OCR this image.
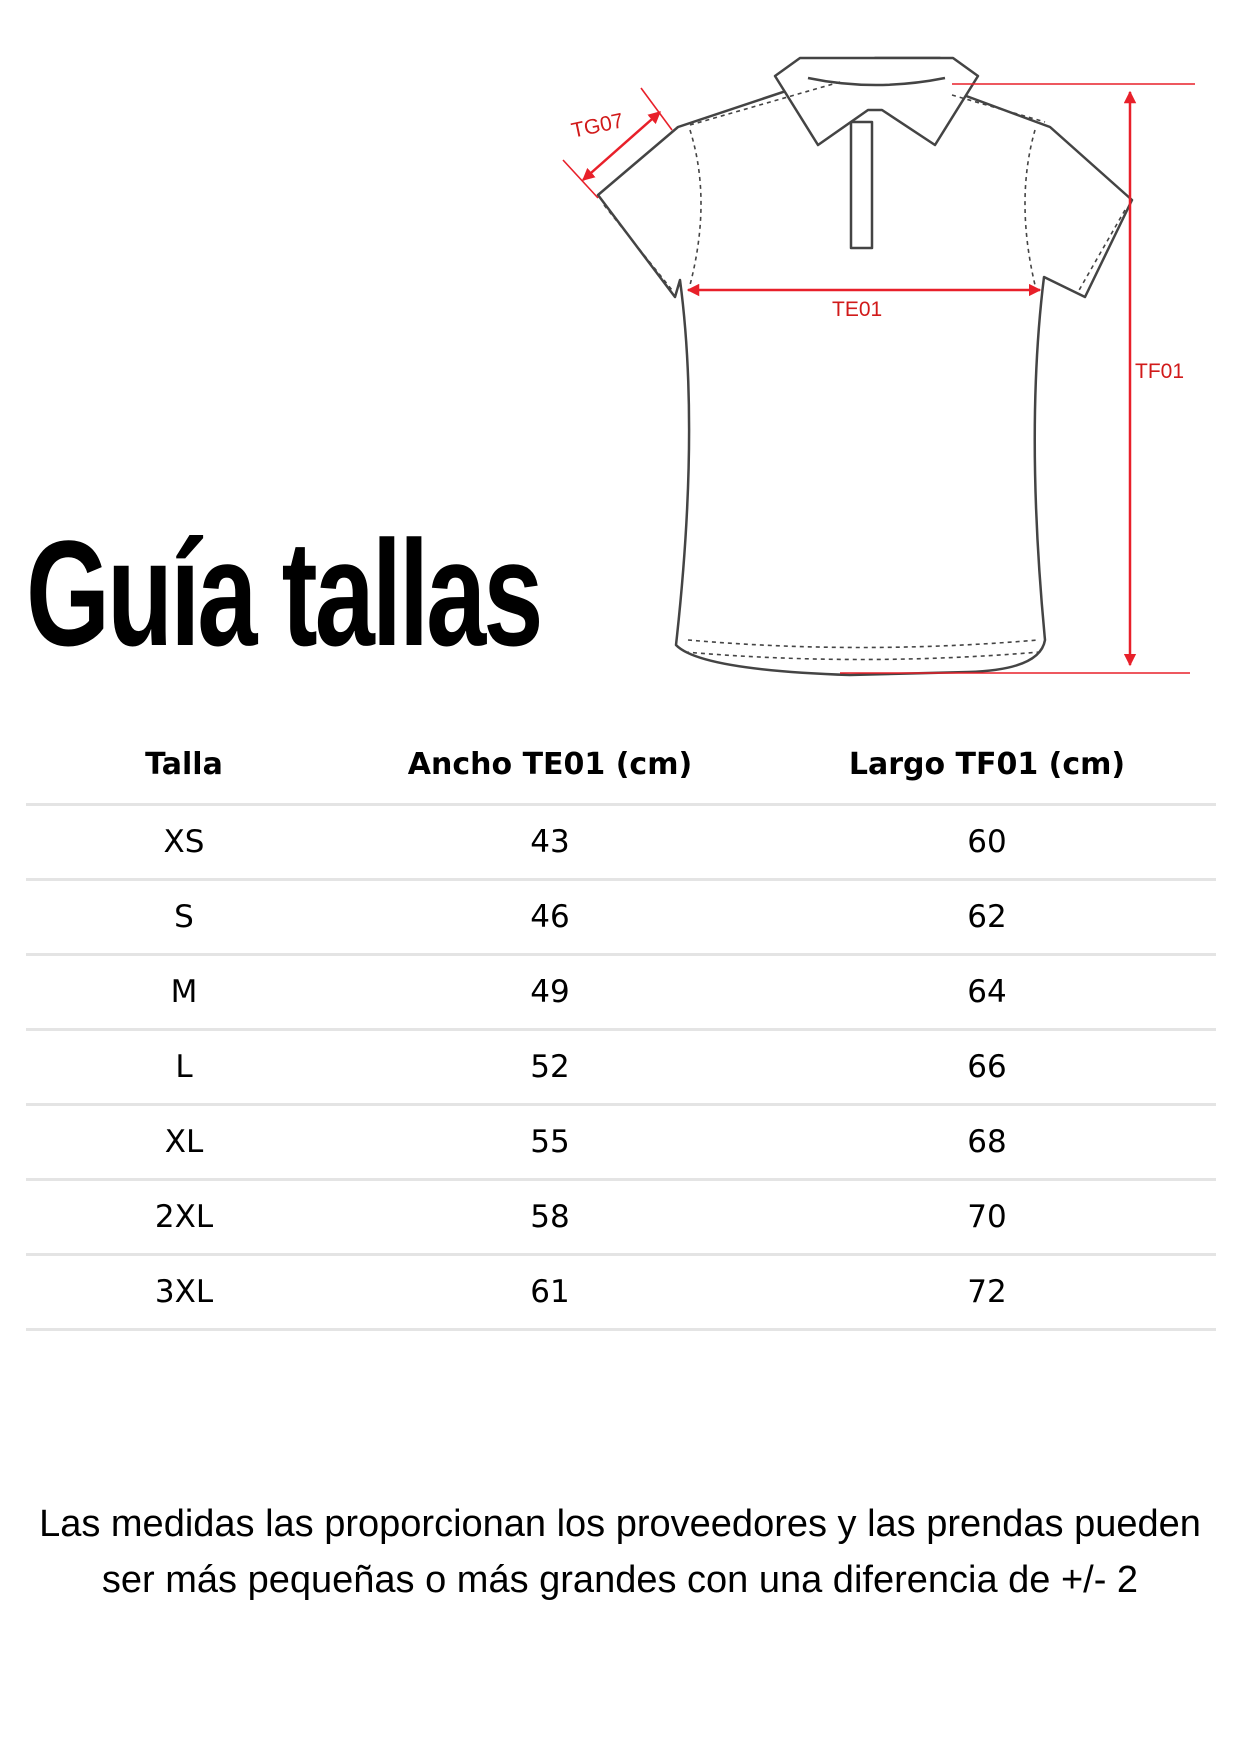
Guía tallas
TG07
TE01
TF01
Talla	Ancho TE01 (cm)	Largo TF01 (cm)
XS	43	60
S	46	62
M	49	64
L	52	66
XL	55	68
2XL	58	70
3XL	61	72

Las medidas las proporcionan los proveedores y las prendas pueden ser más pequeñas o más grandes con una diferencia de +/- 2
